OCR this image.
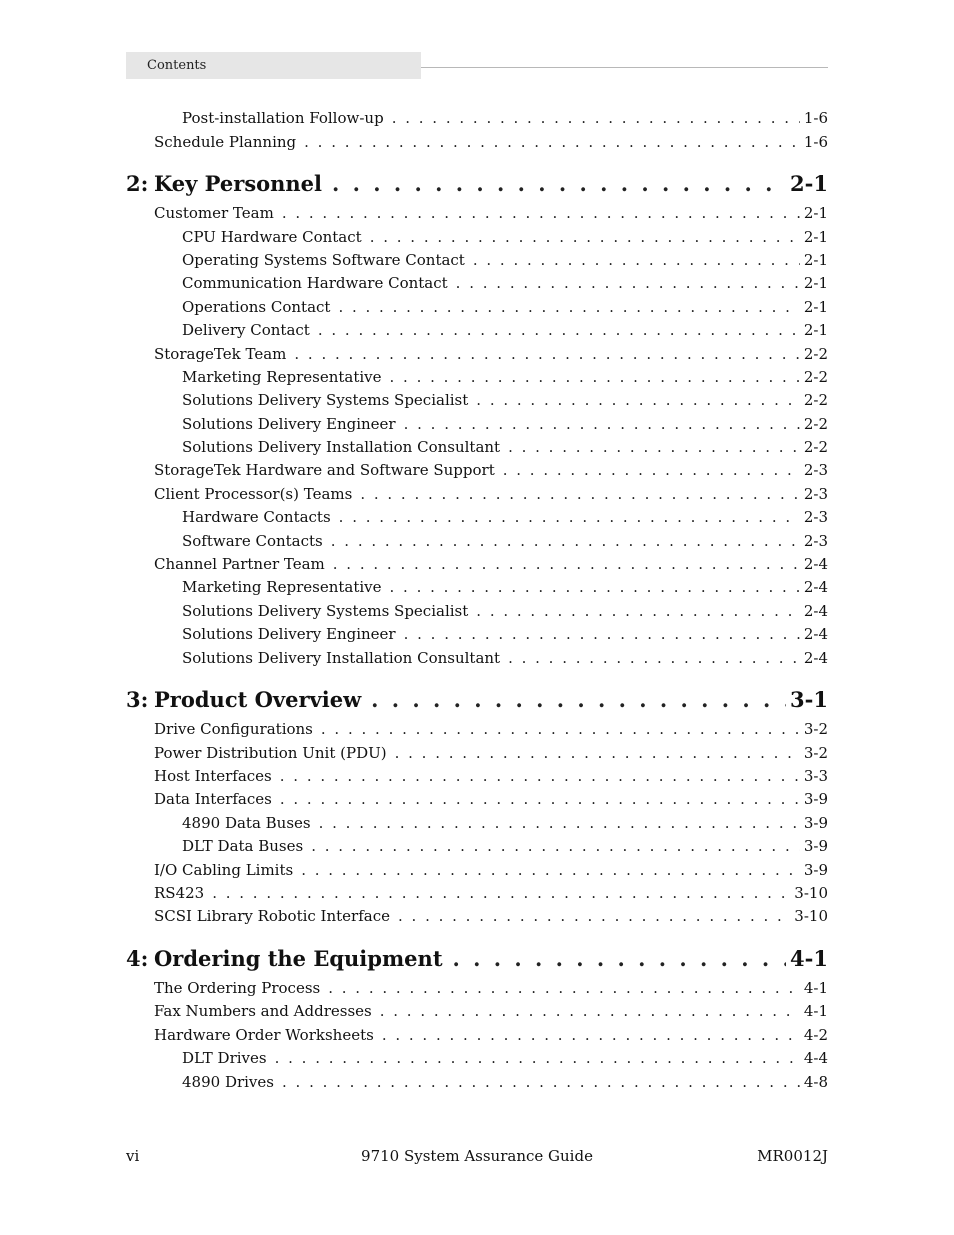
Contents
Post-installation Follow-up . . .	1-6
Schedule Planning . . .	1-6
2: Key Personnel . . .	2-1
Customer Team . . .	2-1
CPU Hardware Contact . . .	2-1
Operating Systems Software Contact . . .	2-1
Communication Hardware Contact . . .	2-1
Operations Contact . . .	2-1
Delivery Contact . . .	2-1
StorageTek Team . . .	2-2
Marketing Representative . . .	2-2
Solutions Delivery Systems Specialist . . .	2-2
Solutions Delivery Engineer . . .	2-2
Solutions Delivery Installation Consultant . . .	2-2
StorageTek Hardware and Software Support . . .	2-3
Client Processor(s) Teams . . .	2-3
Hardware Contacts . . .	2-3
Software Contacts . . .	2-3
Channel Partner Team . . .	2-4
Marketing Representative . . .	2-4
Solutions Delivery Systems Specialist . . .	2-4
Solutions Delivery Engineer . . .	2-4
Solutions Delivery Installation Consultant . . .	2-4
3: Product Overview . . .	3-1
Drive Configurations . . .	3-2
Power Distribution Unit (PDU) . . .	3-2
Host Interfaces . . .	3-3
Data Interfaces . . .	3-9
4890 Data Buses . . .	3-9
DLT Data Buses . . .	3-9
I/O Cabling Limits . . .	3-9
RS423 . . .	3-10
SCSI Library Robotic Interface . . .	3-10
4: Ordering the Equipment . . .	4-1
The Ordering Process . . .	4-1
Fax Numbers and Addresses . . .	4-1
Hardware Order Worksheets . . .	4-2
DLT Drives . . .	4-4
4890 Drives . . .	4-8
vi	9710 System Assurance Guide	MR0012J
